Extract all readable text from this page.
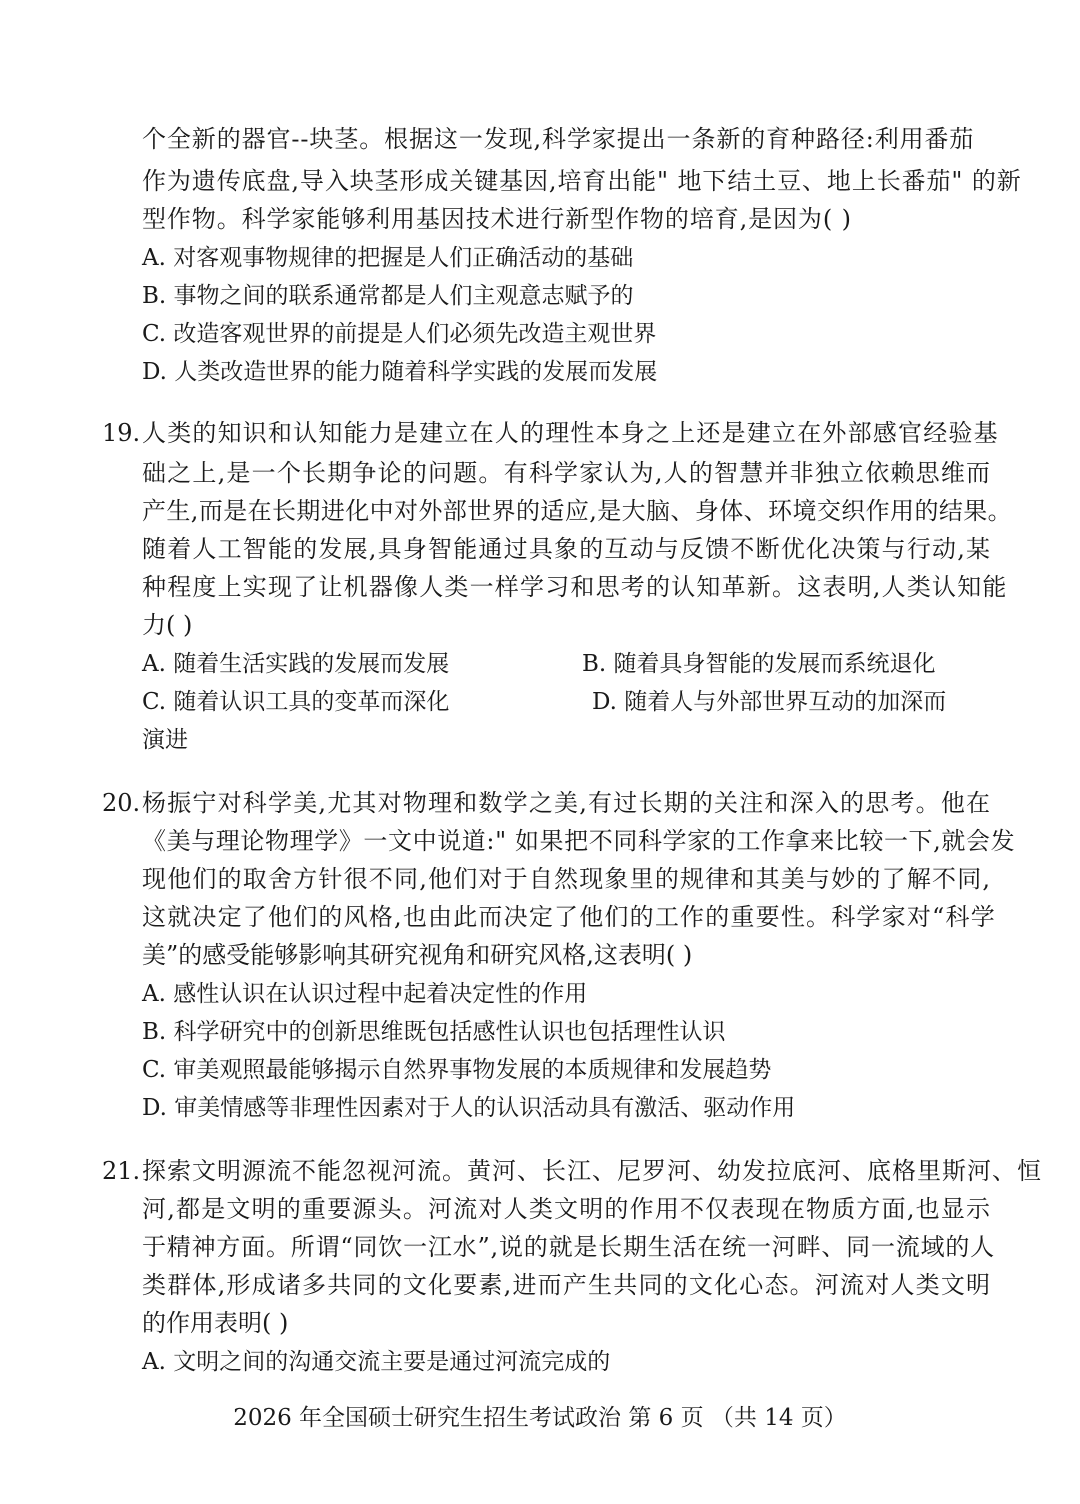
个全新的器官--块茎。根据这一发现,科学家提出一条新的育种路径:利用番茄
作为遗传底盘,导入块茎形成关键基因,培育出能" 地下结土豆、地上长番茄" 的新
型作物。科学家能够利用基因技术进行新型作物的培育,是因为( )
A. 对客观事物规律的把握是人们正确活动的基础
B. 事物之间的联系通常都是人们主观意志赋予的
C. 改造客观世界的前提是人们必须先改造主观世界
D. 人类改造世界的能力随着科学实践的发展而发展
19. 人类的知识和认知能力是建立在人的理性本身之上还是建立在外部感官经验基
础之上,是一个长期争论的问题。有科学家认为,人的智慧并非独立依赖思维而
产生,而是在长期进化中对外部世界的适应,是大脑、身体、环境交织作用的结果。
随着人工智能的发展,具身智能通过具象的互动与反馈不断优化决策与行动,某
种程度上实现了让机器像人类一样学习和思考的认知革新。这表明,人类认知能
力( )
A. 随着生活实践的发展而发展	B. 随着具身智能的发展而系统退化
C. 随着认识工具的变革而深化	D. 随着人与外部世界互动的加深而
演进
20. 杨振宁对科学美,尤其对物理和数学之美,有过长期的关注和深入的思考。他在
《美与理论物理学》一文中说道:" 如果把不同科学家的工作拿来比较一下,就会发
现他们的取舍方针很不同,他们对于自然现象里的规律和其美与妙的了解不同,
这就决定了他们的风格,也由此而决定了他们的工作的重要性。科学家对“科学
美”的感受能够影响其研究视角和研究风格,这表明( )
A. 感性认识在认识过程中起着决定性的作用
B. 科学研究中的创新思维既包括感性认识也包括理性认识
C. 审美观照最能够揭示自然界事物发展的本质规律和发展趋势
D. 审美情感等非理性因素对于人的认识活动具有激活、驱动作用
21. 探索文明源流不能忽视河流。黄河、长江、尼罗河、幼发拉底河、底格里斯河、恒
河,都是文明的重要源头。河流对人类文明的作用不仅表现在物质方面,也显示
于精神方面。所谓“同饮一江水”,说的就是长期生活在统一河畔、同一流域的人
类群体,形成诸多共同的文化要素,进而产生共同的文化心态。河流对人类文明
的作用表明( )
A. 文明之间的沟通交流主要是通过河流完成的
2026 年全国硕士研究生招生考试政治 第 6 页 （共 14 页）
